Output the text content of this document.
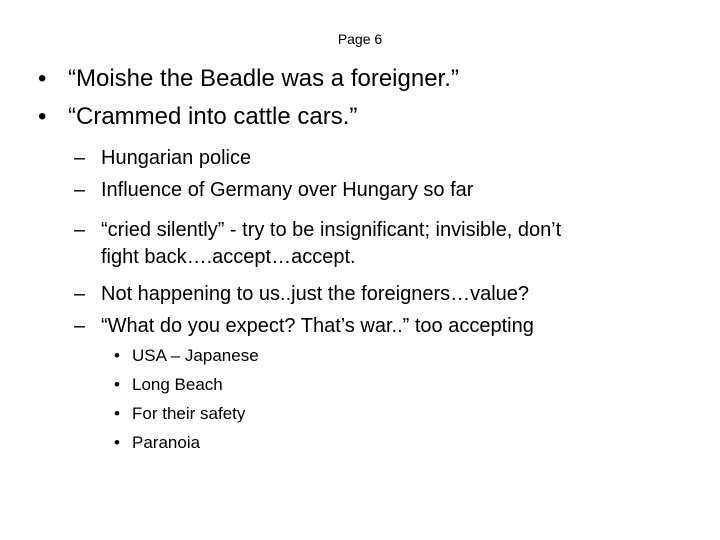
Page 6
• “Moishe the Beadle was a foreigner.”
• “Crammed into cattle cars.”
– Hungarian police
– Influence of Germany over Hungary so far
– “cried silently” - try to be insignificant; invisible, don’t
fight back….accept…accept.
– Not happening to us..just the foreigners…value?
– “What do you expect? That’s war..” too accepting
• USA – Japanese
• Long Beach
• For their safety
• Paranoia
